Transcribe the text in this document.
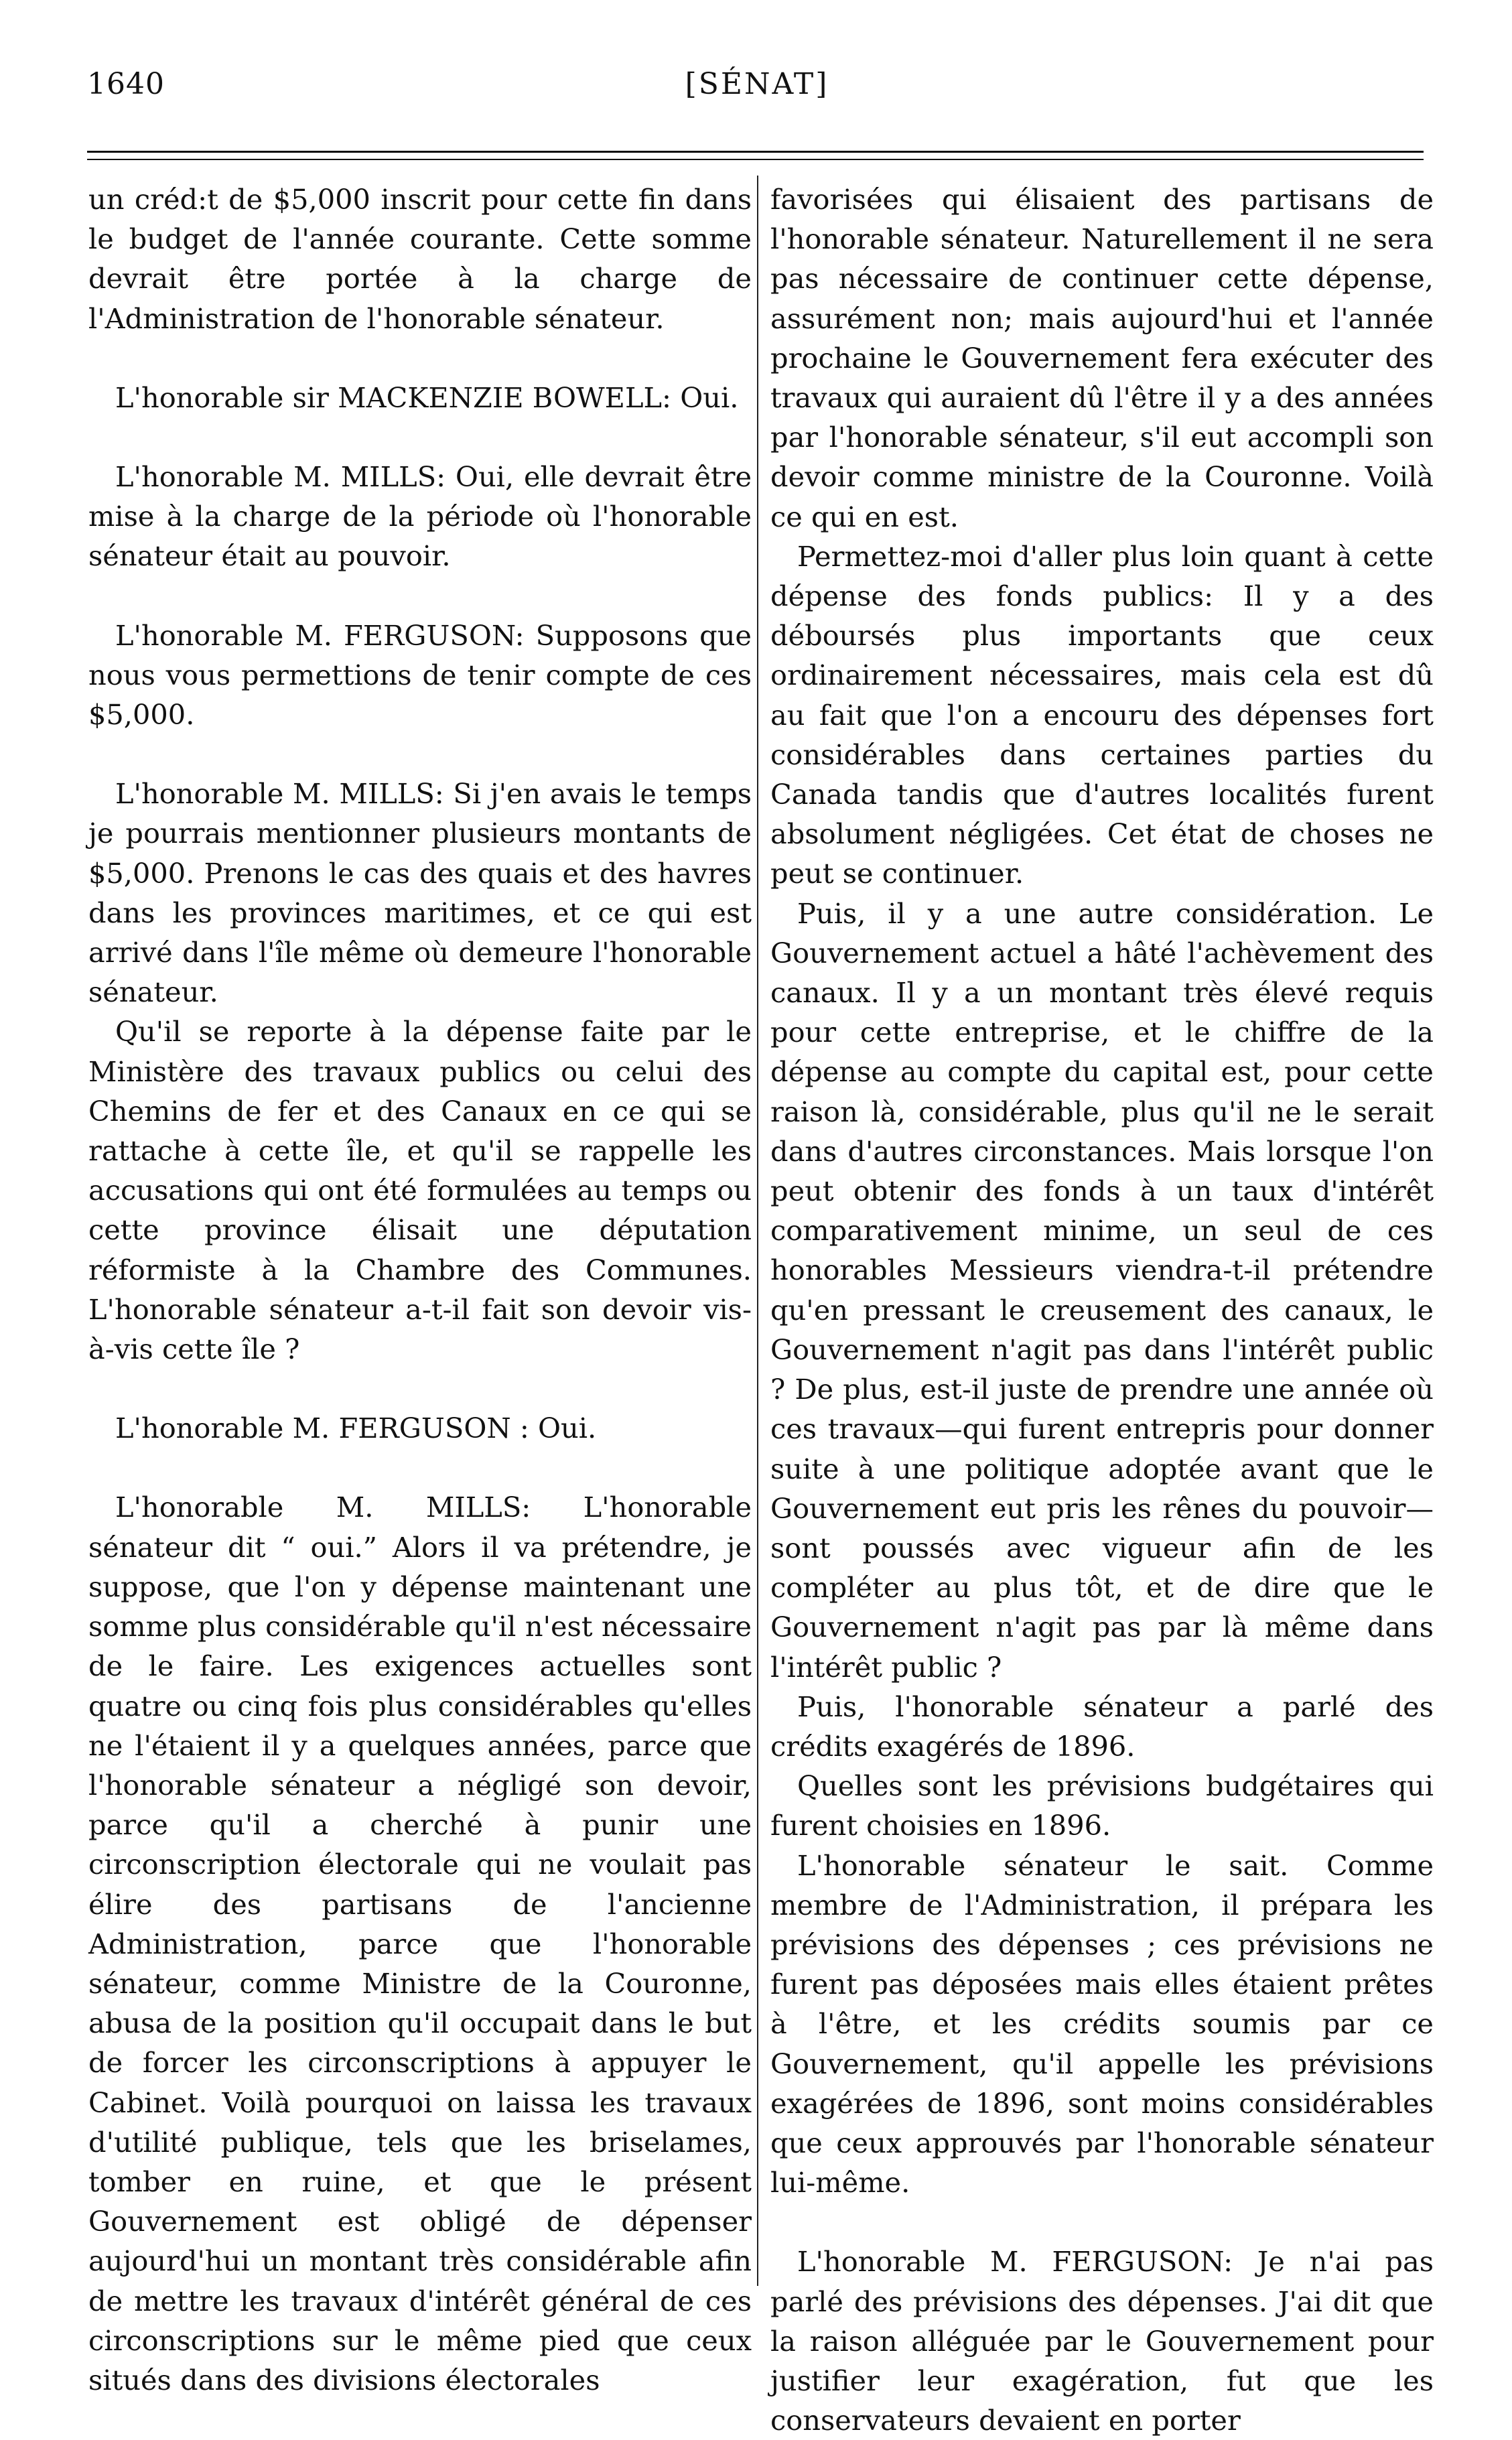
1640	[SÉNAT]

un créd:t de $5,000 inscrit pour cette fin dans le budget de l'année courante. Cette somme devrait être portée à la charge de l'Administration de l'honorable sénateur.

L'honorable sir MACKENZIE BOWELL: Oui.

L'honorable M. MILLS: Oui, elle devrait être mise à la charge de la période où l'honorable sénateur était au pouvoir.

L'honorable M. FERGUSON: Supposons que nous vous permettions de tenir compte de ces $5,000.

L'honorable M. MILLS: Si j'en avais le temps je pourrais mentionner plusieurs montants de $5,000. Prenons le cas des quais et des havres dans les provinces maritimes, et ce qui est arrivé dans l'île même où demeure l'honorable sénateur.

Qu'il se reporte à la dépense faite par le Ministère des travaux publics ou celui des Chemins de fer et des Canaux en ce qui se rattache à cette île, et qu'il se rappelle les accusations qui ont été formulées au temps ou cette province élisait une députation réformiste à la Chambre des Communes. L'honorable sénateur a-t-il fait son devoir vis-à-vis cette île ?

L'honorable M. FERGUSON : Oui.

L'honorable M. MILLS: L'honorable sénateur dit “ oui.” Alors il va prétendre, je suppose, que l'on y dépense maintenant une somme plus considérable qu'il n'est nécessaire de le faire. Les exigences actuelles sont quatre ou cinq fois plus considérables qu'elles ne l'étaient il y a quelques années, parce que l'honorable sénateur a négligé son devoir, parce qu'il a cherché à punir une circonscription électorale qui ne voulait pas élire des partisans de l'ancienne Administration, parce que l'honorable sénateur, comme Ministre de la Couronne, abusa de la position qu'il occupait dans le but de forcer les circonscriptions à appuyer le Cabinet. Voilà pourquoi on laissa les travaux d'utilité publique, tels que les briselames, tomber en ruine, et que le présent Gouvernement est obligé de dépenser aujourd'hui un montant très considérable afin de mettre les travaux d'intérêt général de ces circonscriptions sur le même pied que ceux situés dans des divisions électorales

favorisées qui élisaient des partisans de l'honorable sénateur. Naturellement il ne sera pas nécessaire de continuer cette dépense, assurément non; mais aujourd'hui et l'année prochaine le Gouvernement fera exécuter des travaux qui auraient dû l'être il y a des années par l'honorable sénateur, s'il eut accompli son devoir comme ministre de la Couronne. Voilà ce qui en est.

Permettez-moi d'aller plus loin quant à cette dépense des fonds publics: Il y a des déboursés plus importants que ceux ordinairement nécessaires, mais cela est dû au fait que l'on a encouru des dépenses fort considérables dans certaines parties du Canada tandis que d'autres localités furent absolument négligées. Cet état de choses ne peut se continuer.

Puis, il y a une autre considération. Le Gouvernement actuel a hâté l'achèvement des canaux. Il y a un montant très élevé requis pour cette entreprise, et le chiffre de la dépense au compte du capital est, pour cette raison là, considérable, plus qu'il ne le serait dans d'autres circonstances. Mais lorsque l'on peut obtenir des fonds à un taux d'intérêt comparativement minime, un seul de ces honorables Messieurs viendra-t-il prétendre qu'en pressant le creusement des canaux, le Gouvernement n'agit pas dans l'intérêt public ? De plus, est-il juste de prendre une année où ces travaux—qui furent entrepris pour donner suite à une politique adoptée avant que le Gouvernement eut pris les rênes du pouvoir—sont poussés avec vigueur afin de les compléter au plus tôt, et de dire que le Gouvernement n'agit pas par là même dans l'intérêt public ?

Puis, l'honorable sénateur a parlé des crédits exagérés de 1896.

Quelles sont les prévisions budgétaires qui furent choisies en 1896.

L'honorable sénateur le sait. Comme membre de l'Administration, il prépara les prévisions des dépenses ; ces prévisions ne furent pas déposées mais elles étaient prêtes à l'être, et les crédits soumis par ce Gouvernement, qu'il appelle les prévisions exagérées de 1896, sont moins considérables que ceux approuvés par l'honorable sénateur lui-même.

L'honorable M. FERGUSON: Je n'ai pas parlé des prévisions des dépenses. J'ai dit que la raison alléguée par le Gouvernement pour justifier leur exagération, fut que les conservateurs devaient en porter
